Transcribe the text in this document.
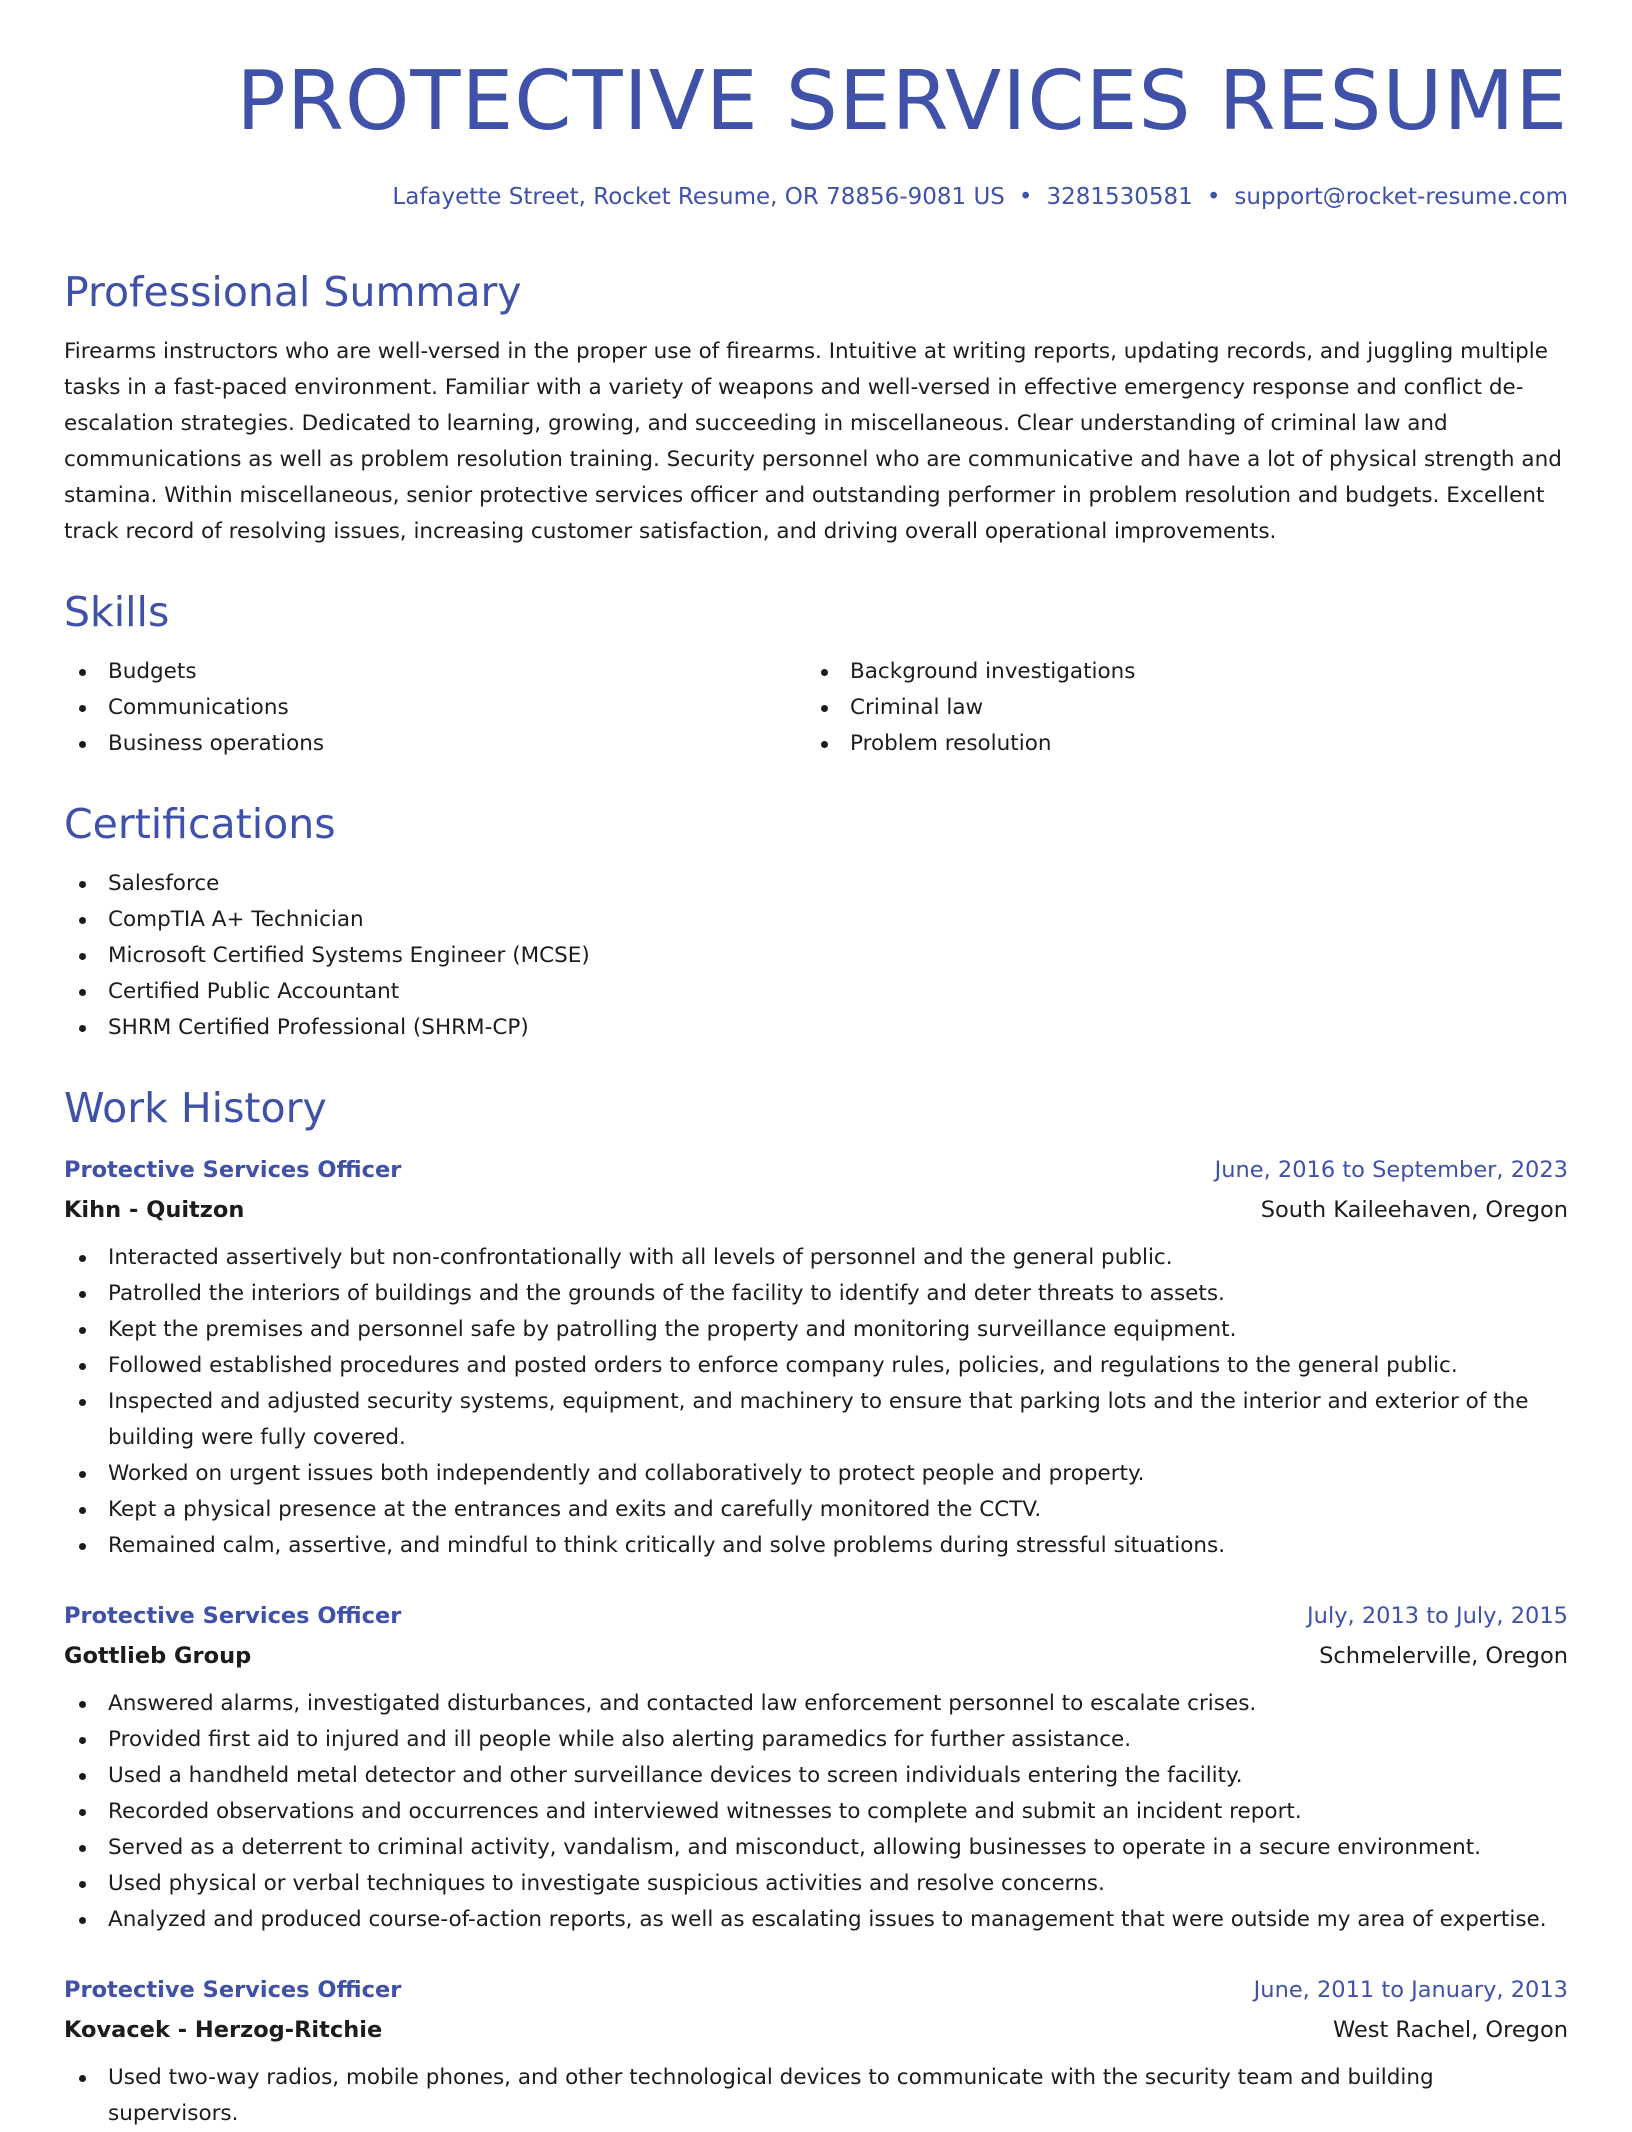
PROTECTIVE SERVICES RESUME
Lafayette Street, Rocket Resume, OR 78856-9081 US • 3281530581 • support@rocket-resume.com
Professional Summary

Firearms instructors who are well-versed in the proper use of firearms. Intuitive at writing reports, updating records, and juggling multiple tasks in a fast-paced environment. Familiar with a variety of weapons and well-versed in effective emergency response and conflict de-escalation strategies. Dedicated to learning, growing, and succeeding in miscellaneous. Clear understanding of criminal law and communications as well as problem resolution training. Security personnel who are communicative and have a lot of physical strength and stamina. Within miscellaneous, senior protective services officer and outstanding performer in problem resolution and budgets. Excellent track record of resolving issues, increasing customer satisfaction, and driving overall operational improvements.

Skills
Budgets
Communications
Business operations
Background investigations
Criminal law
Problem resolution
Certifications
Salesforce
CompTIA A+ Technician
Microsoft Certified Systems Engineer (MCSE)
Certified Public Accountant
SHRM Certified Professional (SHRM-CP)
Work History
Protective Services Officer	June, 2016 to September, 2023
Kihn - Quitzon	South Kaileehaven, Oregon
Interacted assertively but non-confrontationally with all levels of personnel and the general public.
Patrolled the interiors of buildings and the grounds of the facility to identify and deter threats to assets.
Kept the premises and personnel safe by patrolling the property and monitoring surveillance equipment.
Followed established procedures and posted orders to enforce company rules, policies, and regulations to the general public.
Inspected and adjusted security systems, equipment, and machinery to ensure that parking lots and the interior and exterior of the building were fully covered.
Worked on urgent issues both independently and collaboratively to protect people and property.
Kept a physical presence at the entrances and exits and carefully monitored the CCTV.
Remained calm, assertive, and mindful to think critically and solve problems during stressful situations.
Protective Services Officer	July, 2013 to July, 2015
Gottlieb Group	Schmelerville, Oregon
Answered alarms, investigated disturbances, and contacted law enforcement personnel to escalate crises.
Provided first aid to injured and ill people while also alerting paramedics for further assistance.
Used a handheld metal detector and other surveillance devices to screen individuals entering the facility.
Recorded observations and occurrences and interviewed witnesses to complete and submit an incident report.
Served as a deterrent to criminal activity, vandalism, and misconduct, allowing businesses to operate in a secure environment.
Used physical or verbal techniques to investigate suspicious activities and resolve concerns.
Analyzed and produced course-of-action reports, as well as escalating issues to management that were outside my area of expertise.
Protective Services Officer	June, 2011 to January, 2013
Kovacek - Herzog-Ritchie	West Rachel, Oregon
Used two-way radios, mobile phones, and other technological devices to communicate with the security team and building supervisors.
